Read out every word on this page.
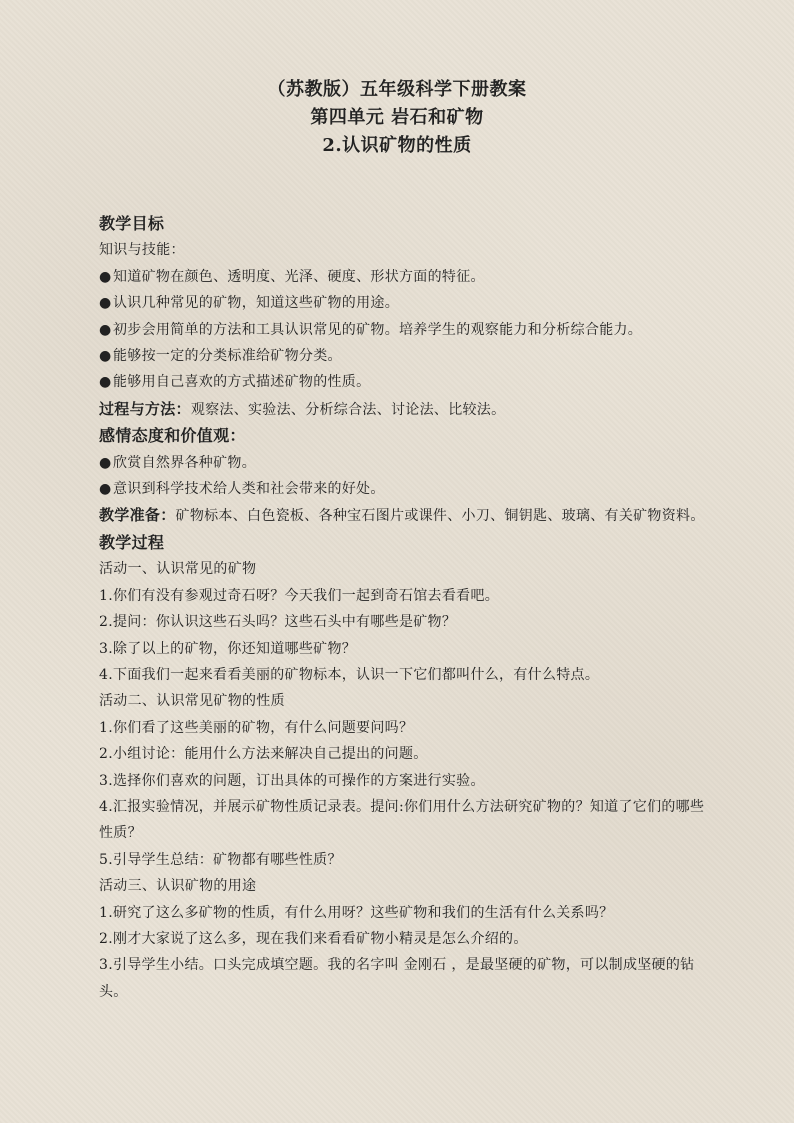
（苏教版）五年级科学下册教案
第四单元 岩石和矿物
2.认识矿物的性质
教学目标
知识与技能：
●知道矿物在颜色、透明度、光泽、硬度、形状方面的特征。
●认识几种常见的矿物，知道这些矿物的用途。
●初步会用简单的方法和工具认识常见的矿物。培养学生的观察能力和分析综合能力。
●能够按一定的分类标准给矿物分类。
●能够用自己喜欢的方式描述矿物的性质。
过程与方法：观察法、实验法、分析综合法、讨论法、比较法。
感情态度和价值观：
●欣赏自然界各种矿物。
●意识到科学技术给人类和社会带来的好处。
教学准备：矿物标本、白色瓷板、各种宝石图片或课件、小刀、铜钥匙、玻璃、有关矿物资料。
教学过程
活动一、认识常见的矿物
1.你们有没有参观过奇石呀？今天我们一起到奇石馆去看看吧。
2.提问：你认识这些石头吗？这些石头中有哪些是矿物？
3.除了以上的矿物，你还知道哪些矿物？
4.下面我们一起来看看美丽的矿物标本，认识一下它们都叫什么，有什么特点。
活动二、认识常见矿物的性质
1.你们看了这些美丽的矿物，有什么问题要问吗？
2.小组讨论：能用什么方法来解决自己提出的问题。
3.选择你们喜欢的问题，订出具体的可操作的方案进行实验。
4.汇报实验情况，并展示矿物性质记录表。提问:你们用什么方法研究矿物的？知道了它们的哪些性质？
5.引导学生总结：矿物都有哪些性质？
活动三、认识矿物的用途
1.研究了这么多矿物的性质，有什么用呀？这些矿物和我们的生活有什么关系吗？
2.刚才大家说了这么多，现在我们来看看矿物小精灵是怎么介绍的。
3.引导学生小结。口头完成填空题。我的名字叫 金刚石 ，是最坚硬的矿物，可以制成坚硬的钻头。
